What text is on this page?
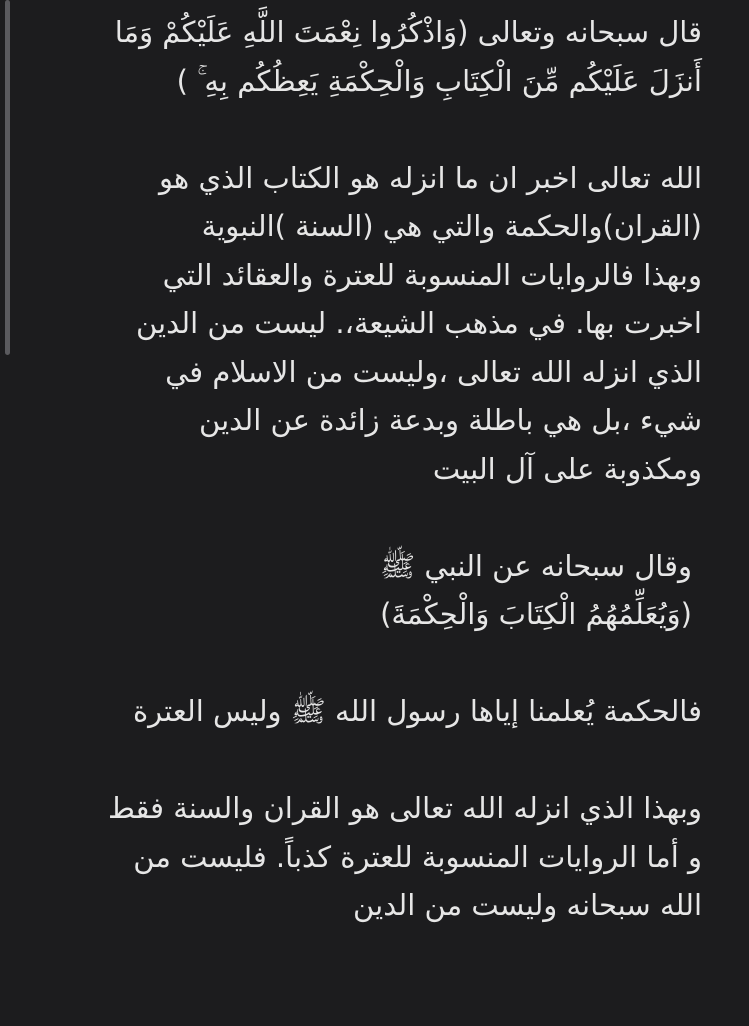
قال سبحانه وتعالى (وَاذْكُرُوا نِعْمَتَ اللَّهِ عَلَيْكُمْ وَمَا
أَنزَلَ عَلَيْكُم مِّنَ الْكِتَابِ وَالْحِكْمَةِ يَعِظُكُم بِهِ ۚ )

الله تعالى اخبر ان ما انزله هو الكتاب الذي هو
(القران)والحكمة والتي هي (السنة )النبوية
وبهذا فالروايات المنسوبة للعترة والعقائد التي
اخبرت بها. في مذهب الشيعة،. ليست من الدين
الذي انزله الله تعالى ،وليست من الاسلام في
شيء ،بل هي باطلة وبدعة زائدة عن الدين
ومكذوبة على آل البيت

وقال سبحانه عن النبي ﷺ
(وَيُعَلِّمُهُمُ الْكِتَابَ وَالْحِكْمَةَ)

فالحكمة يُعلمنا إياها رسول الله ﷺ وليس العترة

وبهذا الذي انزله الله تعالى هو القران والسنة فقط
و أما الروايات المنسوبة للعترة كذباً. فليست من
الله سبحانه وليست من الدين
